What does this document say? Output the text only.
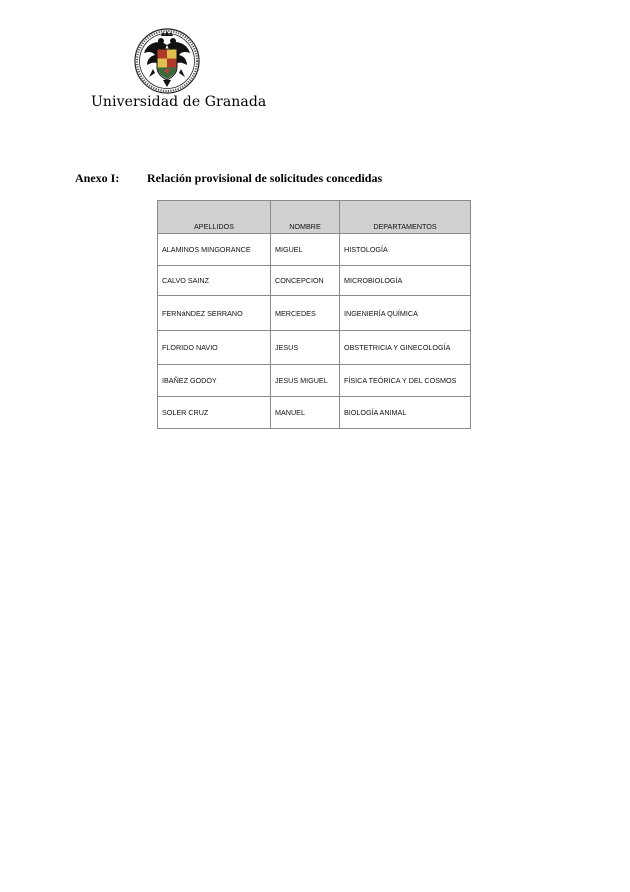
Universidad de Granada
Anexo I: Relación provisional de solicitudes concedidas
APELLIDOS	NOMBRE	DEPARTAMENTOS
ALAMINOS MINGORANCE	MIGUEL	HISTOLOGÍA
CALVO SAINZ	CONCEPCION	MICROBIOLOGÍA
FERNáNDEZ SERRANO	MERCEDES	INGENIERÍA QUÍMICA
FLORIDO NAVIO	JESUS	OBSTETRICIA Y GINECOLOGÍA
IBAÑEZ GODOY	JESUS MIGUEL	FÍSICA TEÓRICA Y DEL COSMOS
SOLER CRUZ	MANUEL	BIOLOGÍA ANIMAL
